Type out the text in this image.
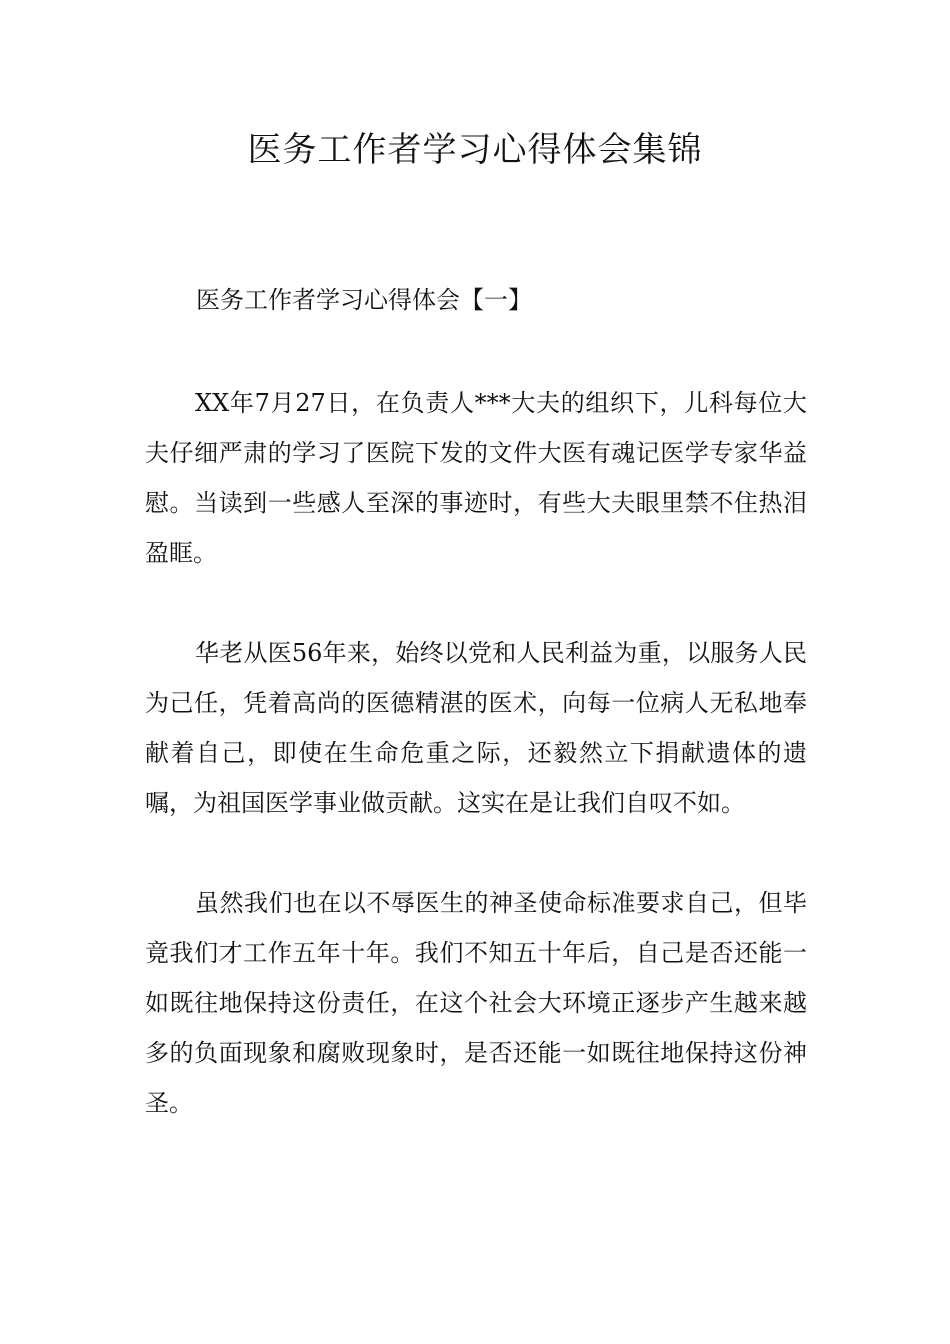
医务工作者学习心得体会集锦
医务工作者学习心得体会【一】

XX年7月27日，在负责人***大夫的组织下，儿科每位大夫仔细严肃的学习了医院下发的文件大医有魂记医学专家华益慰。当读到一些感人至深的事迹时，有些大夫眼里禁不住热泪盈眶。

华老从医56年来，始终以党和人民利益为重，以服务人民为己任，凭着高尚的医德精湛的医术，向每一位病人无私地奉献着自己，即使在生命危重之际，还毅然立下捐献遗体的遗嘱，为祖国医学事业做贡献。这实在是让我们自叹不如。

虽然我们也在以不辱医生的神圣使命标准要求自己，但毕竟我们才工作五年十年。我们不知五十年后，自己是否还能一如既往地保持这份责任，在这个社会大环境正逐步产生越来越多的负面现象和腐败现象时，是否还能一如既往地保持这份神圣。
